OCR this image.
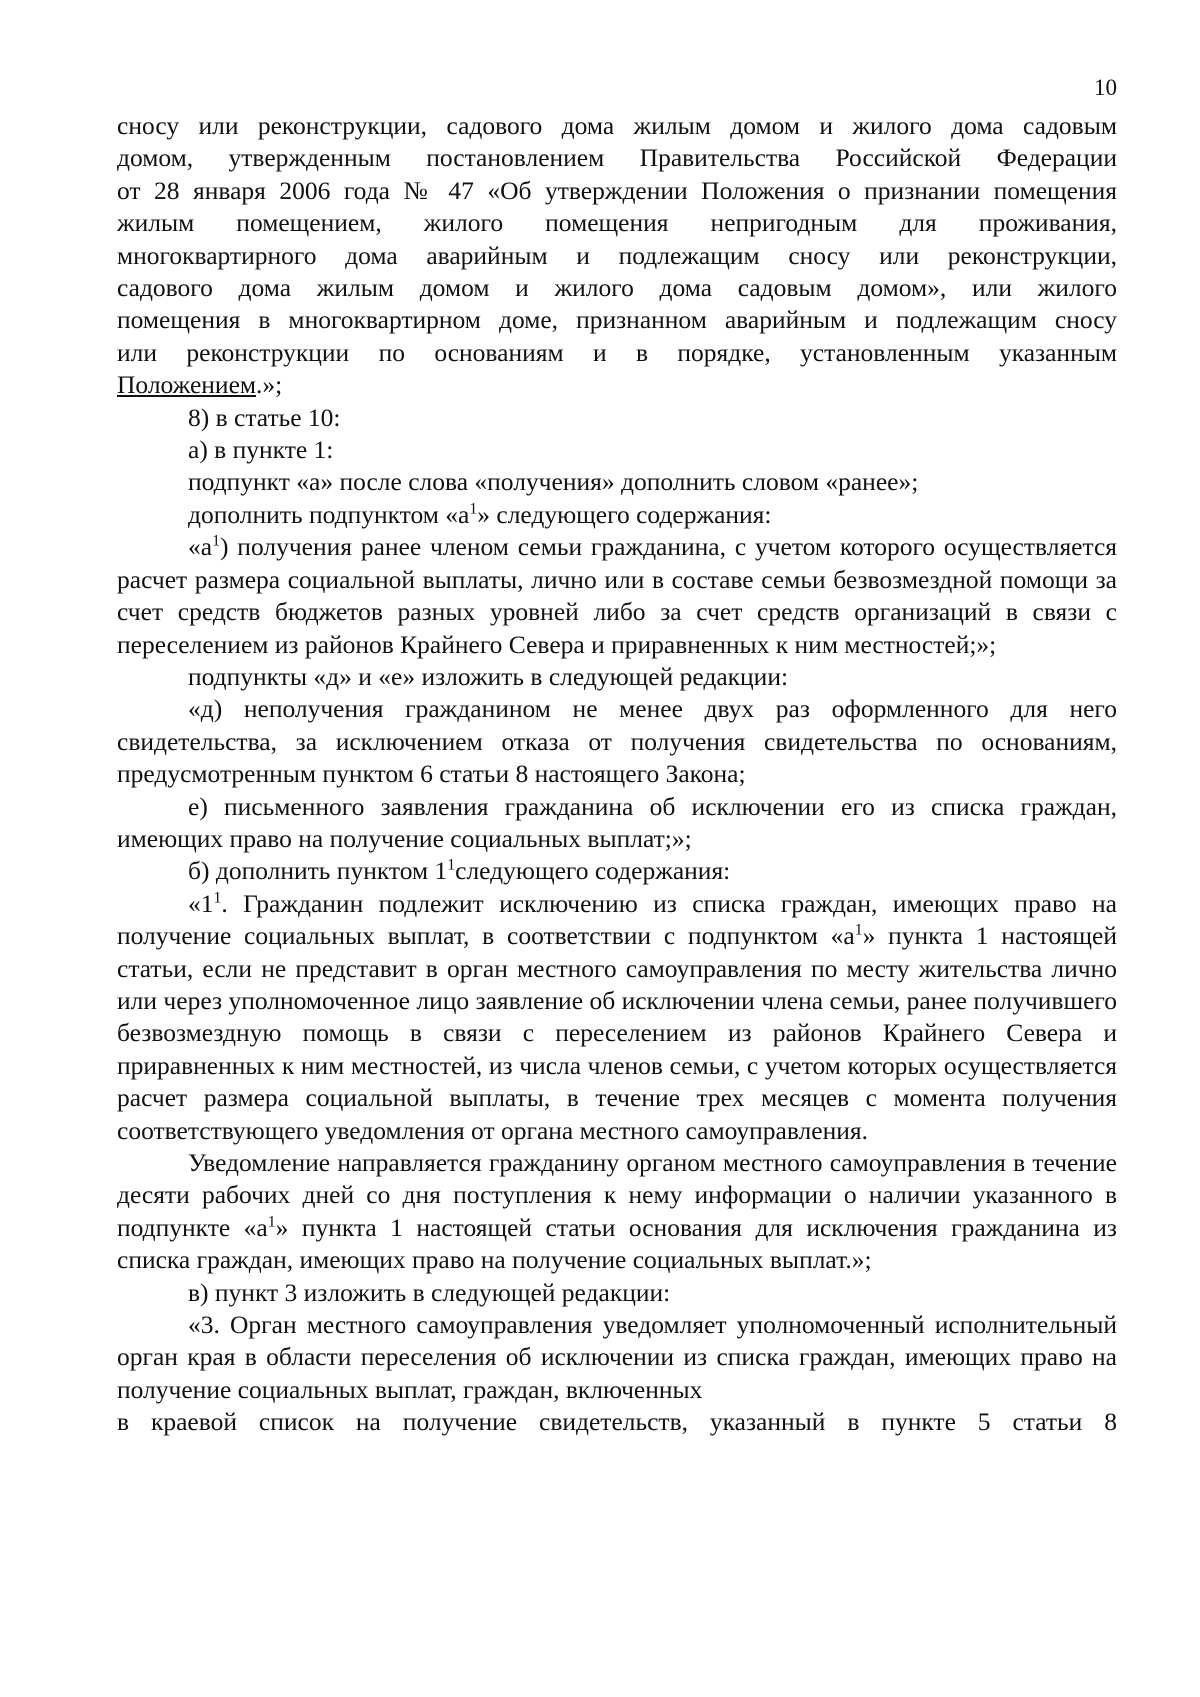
10
сносу или реконструкции, садового дома жилым домом и жилого дома садовым
домом, утвержденным постановлением Правительства Российской Федерации
от 28 января 2006 года № 47 «Об утверждении Положения о признании помещения
жилым помещением, жилого помещения непригодным для проживания,
многоквартирного дома аварийным и подлежащим сносу или реконструкции,
садового дома жилым домом и жилого дома садовым домом», или жилого
помещения в многоквартирном доме, признанном аварийным и подлежащим сносу
или реконструкции по основаниям и в порядке, установленным указанным
Положением.»;

8) в статье 10:

а) в пункте 1:

подпункт «а» после слова «получения» дополнить словом «ранее»;

дополнить подпунктом «$а^1$» следующего содержания:

«$а^1$) получения ранее членом семьи гражданина, с учетом которого осуществляется расчет размера социальной выплаты, лично или в составе семьи безвозмездной помощи за счет средств бюджетов разных уровней либо за счет средств организаций в связи с переселением из районов Крайнего Севера и приравненных к ним местностей;»;

подпункты «д» и «е» изложить в следующей редакции:

«д) неполучения гражданином не менее двух раз оформленного для него свидетельства, за исключением отказа от получения свидетельства по основаниям, предусмотренным пунктом 6 статьи 8 настоящего Закона;

е) письменного заявления гражданина об исключении его из списка граждан, имеющих право на получение социальных выплат;»;

б) дополнить пунктом $1^1следующего$ содержания:

«$1^1$. Гражданин подлежит исключению из списка граждан, имеющих право на получение социальных выплат, в соответствии с подпунктом «$а^1$» пункта 1 настоящей статьи, если не представит в орган местного самоуправления по месту жительства лично или через уполномоченное лицо заявление об исключении члена семьи, ранее получившего безвозмездную помощь в связи с переселением из районов Крайнего Севера и приравненных к ним местностей, из числа членов семьи, с учетом которых осуществляется расчет размера социальной выплаты, в течение трех месяцев с момента получения соответствующего уведомления от органа местного самоуправления.

Уведомление направляется гражданину органом местного самоуправления в течение десяти рабочих дней со дня поступления к нему информации о наличии указанного в подпункте «$а^1$» пункта 1 настоящей статьи основания для исключения гражданина из списка граждан, имеющих право на получение социальных выплат.»;

в) пункт 3 изложить в следующей редакции:

«3. Орган местного самоуправления уведомляет уполномоченный исполнительный орган края в области переселения об исключении из списка граждан, имеющих право на получение социальных выплат, граждан, включенных

в краевой список на получение свидетельств, указанный в пункте 5 статьи 8
